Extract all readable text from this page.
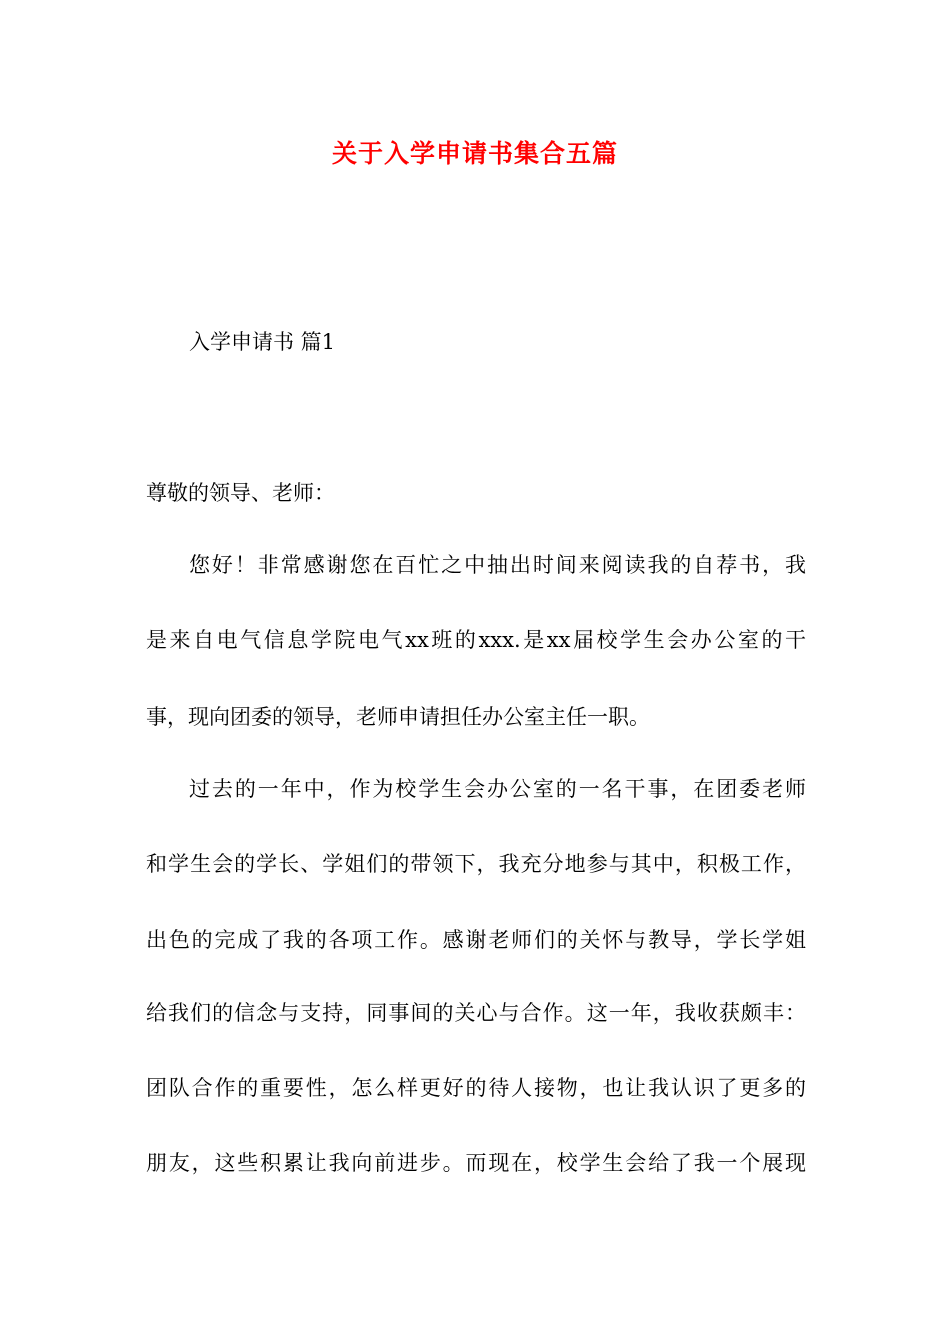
关于入学申请书集合五篇
入学申请书 篇1
尊敬的领导、老师：
您好！非常感谢您在百忙之中抽出时间来阅读我的自荐书，我
是来自电气信息学院电气xx班的xxx.是xx届校学生会办公室的干
事，现向团委的领导，老师申请担任办公室主任一职。
过去的一年中，作为校学生会办公室的一名干事，在团委老师
和学生会的学长、学姐们的带领下，我充分地参与其中，积极工作，
出色的完成了我的各项工作。感谢老师们的关怀与教导，学长学姐
给我们的信念与支持，同事间的关心与合作。这一年，我收获颇丰：
团队合作的重要性，怎么样更好的待人接物，也让我认识了更多的
朋友，这些积累让我向前进步。而现在，校学生会给了我一个展现
